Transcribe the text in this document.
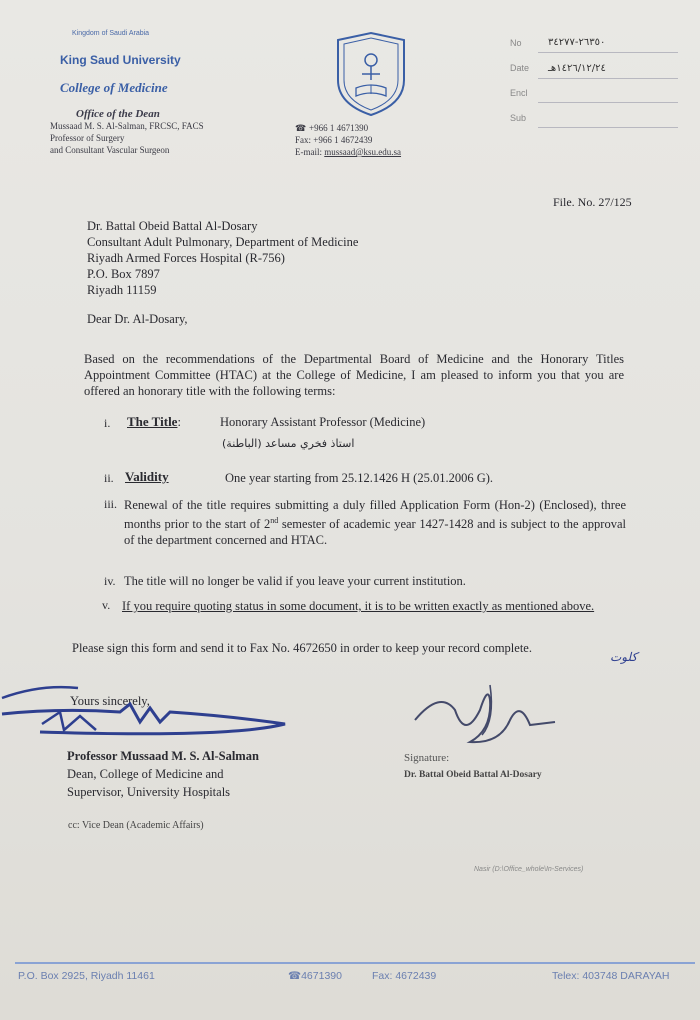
Kingdom of Saudi Arabia
King Saud University
College of Medicine
Office of the Dean
Mussaad M. S. Al-Salman, FRCSC, FACS
Professor of Surgery
and Consultant Vascular Surgeon
☎ +966 1 4671390
Fax: +966 1 4672439
E-mail: mussaad@ksu.edu.sa
No	٢٦٣٥٠-٣٤٢٧٧
Date ١٤٢٦/١٢/٢٤هـ
Encl
Sub
File. No. 27/125
Dr. Battal Obeid Battal Al-Dosary
Consultant Adult Pulmonary, Department of Medicine
Riyadh Armed Forces Hospital (R-756)
P.O. Box 7897
Riyadh 11159
Dear Dr. Al-Dosary,
Based on the recommendations of the Departmental Board of Medicine and the Honorary Titles Appointment Committee (HTAC) at the College of Medicine, I am pleased to inform you that you are offered an honorary title with the following terms:
i. The Title:	Honorary Assistant Professor (Medicine)
استاذ فخري مساعد (الباطنة)
ii. Validity	One year starting from 25.12.1426 H (25.01.2006 G).
iii. Renewal of the title requires submitting a duly filled Application Form (Hon-2) (Enclosed), three months prior to the start of 2nd semester of academic year 1427-1428 and is subject to the approval of the department concerned and HTAC.
iv. The title will no longer be valid if you leave your current institution.
v. If you require quoting status in some document, it is to be written exactly as mentioned above.
Please sign this form and send it to Fax No. 4672650 in order to keep your record complete.
كلوت
Yours sincerely,
Professor Mussaad M. S. Al-Salman
Dean, College of Medicine and
Supervisor, University Hospitals
Signature:
Dr. Battal Obeid Battal Al-Dosary
cc: Vice Dean (Academic Affairs)
Nasir (D:\Office_whole\In-Services)
P.O. Box 2925, Riyadh 11461	☎4671390	Fax: 4672439	Telex: 403748 DARAYAH
